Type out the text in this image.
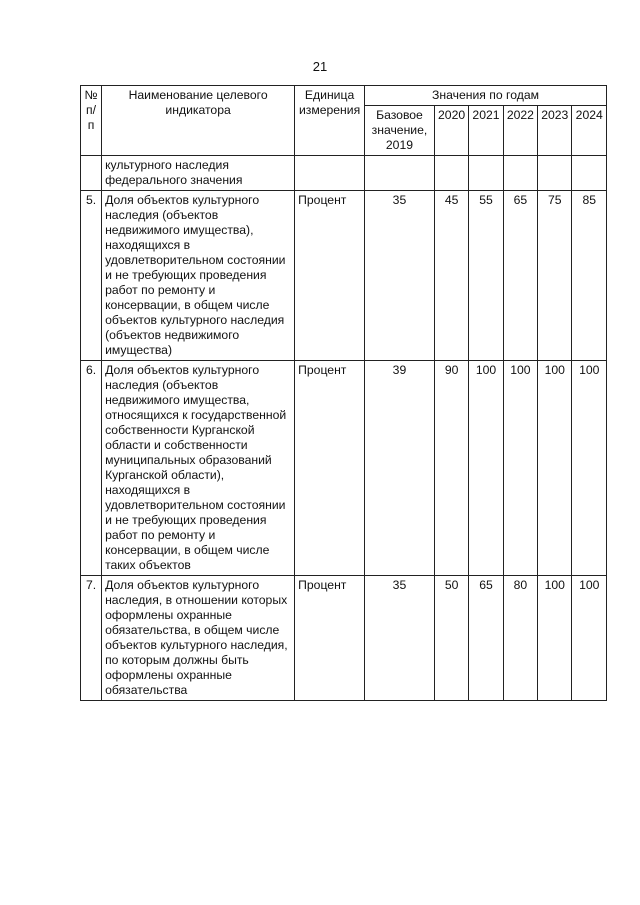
21
№ п/п	Наименование целевого индикатора	Единица измерения	Значения по годам					
			Базовое значение, 2019	2020	2021	2022	2023	2024
	культурного наследия федерального значения							
5.	Доля объектов культурного наследия (объектов недвижимого имущества), находящихся в удовлетворительном состоянии и не требующих проведения работ по ремонту и консервации, в общем числе объектов культурного наследия (объектов недвижимого имущества)	Процент	35	45	55	65	75	85
6.	Доля объектов культурного наследия (объектов недвижимого имущества, относящихся к государственной собственности Курганской области и собственности муниципальных образований Курганской области), находящихся в удовлетворительном состоянии и не требующих проведения работ по ремонту и консервации, в общем числе таких объектов	Процент	39	90	100	100	100	100
7.	Доля объектов культурного наследия, в отношении которых оформлены охранные обязательства, в общем числе объектов культурного наследия, по которым должны быть оформлены охранные обязательства	Процент	35	50	65	80	100	100
